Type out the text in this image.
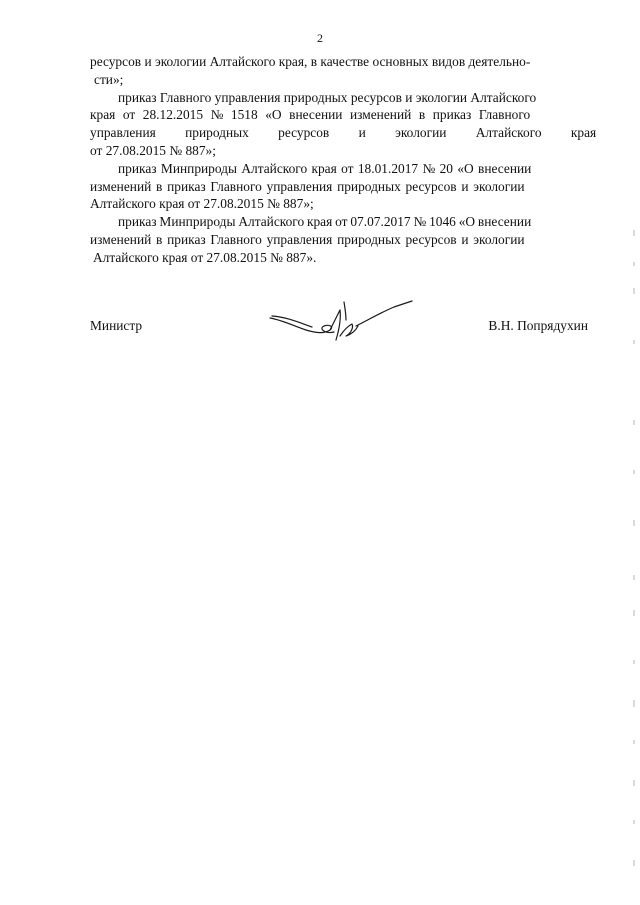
2
ресурсов и экологии Алтайского края, в качестве основных видов деятельно-
сти»;
приказ Главного управления природных ресурсов и экологии Алтайского
края от 28.12.2015 № 1518 «О внесении изменений в приказ Главного
управления природных ресурсов и экологии Алтайского края
от 27.08.2015 № 887»;
приказ Минприроды Алтайского края от 18.01.2017 № 20 «О внесении
изменений в приказ Главного управления природных ресурсов и экологии
Алтайского края от 27.08.2015 № 887»;
приказ Минприроды Алтайского края от 07.07.2017 № 1046 «О внесении
изменений в приказ Главного управления природных ресурсов и экологии
Алтайского края от 27.08.2015 № 887».
Министр	В.Н. Попрядухин
